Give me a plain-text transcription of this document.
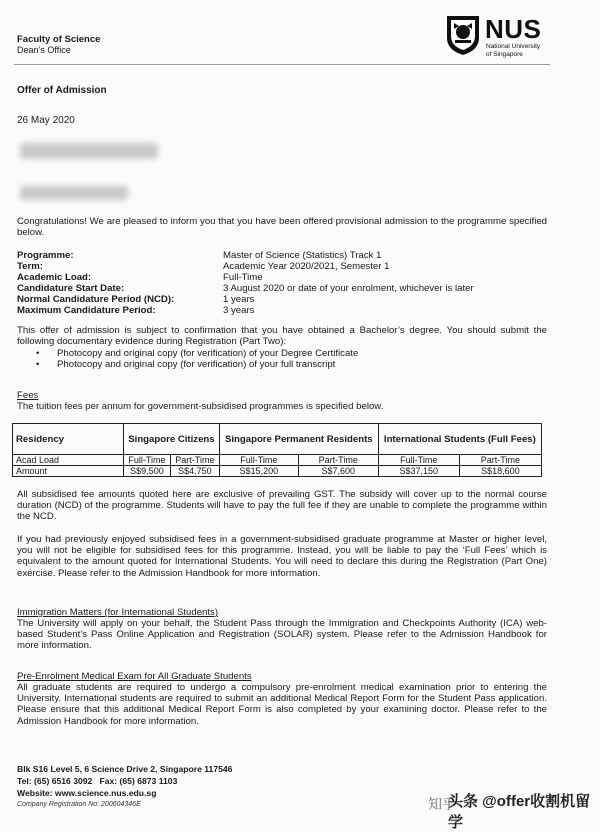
Faculty of Science
Dean’s Office
NUS
National University
of Singapore
Offer of Admission
26 May 2020
Congratulations! We are pleased to inform you that you have been offered provisional admission to the programme specified below.
Programme:	Master of Science (Statistics) Track 1
Term:	Academic Year 2020/2021, Semester 1
Academic Load:	Full-Time
Candidature Start Date:	3 August 2020 or date of your enrolment, whichever is later
Normal Candidature Period (NCD):	1 years
Maximum Candidature Period:	3 years
This offer of admission is subject to confirmation that you have obtained a Bachelor’s degree. You should submit the following documentary evidence during Registration (Part Two):
• Photocopy and original copy (for verification) of your Degree Certificate
• Photocopy and original copy (for verification) of your full transcript
Fees
The tuition fees per annum for government-subsidised programmes is specified below.
Residency	Singapore Citizens		Singapore Permanent Residents		International Students (Full Fees)	
Acad Load	Full-Time	Part-Time	Full-Time	Part-Time	Full-Time	Part-Time
Amount	S$9,500	S$4,750	S$15,200	S$7,600	S$37,150	S$18,600
All subsidised fee amounts quoted here are exclusive of prevailing GST. The subsidy will cover up to the normal course duration (NCD) of the programme. Students will have to pay the full fee if they are unable to complete the programme within the NCD.
If you had previously enjoyed subsidised fees in a government-subsidised graduate programme at Master or higher level, you will not be eligible for subsidised fees for this programme. Instead, you will be liable to pay the ‘Full Fees’ which is equivalent to the amount quoted for International Students. You will need to declare this during the Registration (Part One) exercise. Please refer to the Admission Handbook for more information.
Immigration Matters (for International Students)
The University will apply on your behalf, the Student Pass through the Immigration and Checkpoints Authority (ICA) web-based Student’s Pass Online Application and Registration (SOLAR) system. Please refer to the Admission Handbook for more information.
Pre-Enrolment Medical Exam for All Graduate Students
All graduate students are required to undergo a compulsory pre-enrolment medical examination prior to entering the University. International students are required to submit an additional Medical Report Form for the Student Pass application. Please ensure that this additional Medical Report Form is also completed by your examining doctor. Please refer to the Admission Handbook for more information.
Blk S16 Level 5, 6 Science Drive 2, Singapore 117546
Tel: (65) 6516 3092   Fax: (65) 6873 1103
Website: www.science.nus.edu.sg
Company Registration No: 200604346E	知乎
头条 @offer收割机留学
